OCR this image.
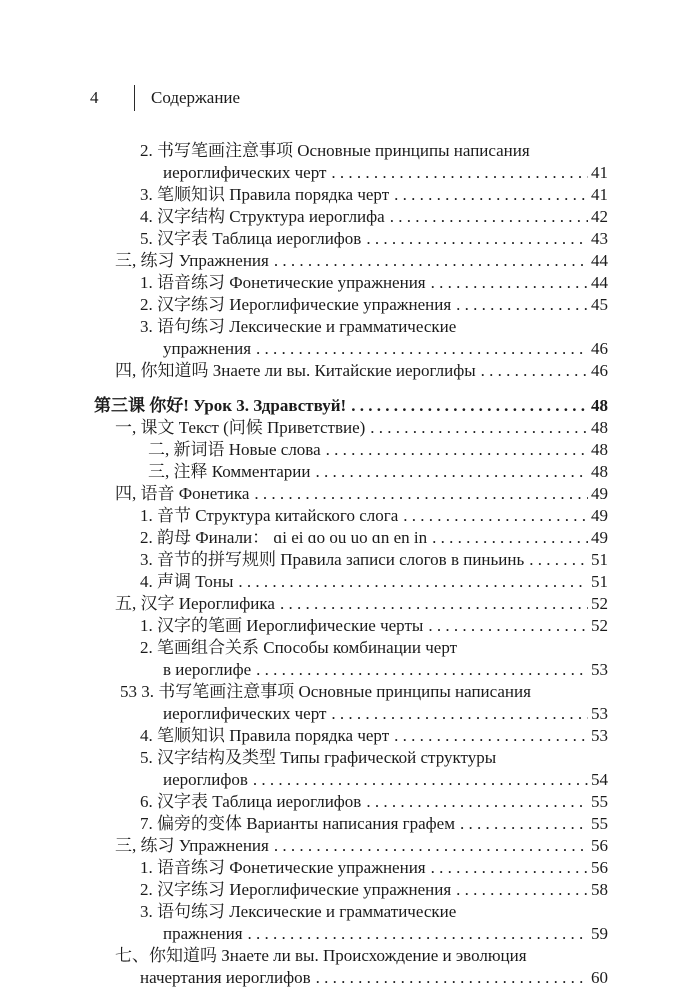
4	Содержание
2. 书写笔画注意事项 Основные принципы написания
иероглифических черт . . .	41
3. 笔顺知识 Правила порядка черт . . .	41
4. 汉字结构 Структура иероглифа . . .	42
5. 汉字表 Таблица иероглифов . . .	43
三, 练习 Упражнения . . .	44
1. 语音练习 Фонетические упражнения . . .	44
2. 汉字练习 Иероглифические упражнения . . .	45
3. 语句练习 Лексические и грамматические
упражнения . . .	46
四, 你知道吗 Знаете ли вы. Китайские иероглифы . . .	46
第三课 你好! Урок 3. Здравствуй! . . .	48
一, 课文 Текст (问候 Приветствие) . . .	48
二, 新词语 Новые слова . . .	48
三, 注释 Комментарии . . .	48
四, 语音 Фонетика . . .	49
1. 音节 Структура китайского слога . . .	49
2. 韵母 Финали： ɑi ei ɑo ou uo ɑn en in . . .	49
3. 音节的拼写规则 Правила записи слогов в пиньинь . . .	51
4. 声调 Тоны . . .	51
五, 汉字 Иероглифика . . .	52
1. 汉字的笔画 Иероглифические черты . . .	52
2. 笔画组合关系 Способы комбинации черт
в иероглифе . . .	53
53 3. 书写笔画注意事项 Основные принципы написания
иероглифических черт . . .	53
4. 笔顺知识 Правила порядка черт . . .	53
5. 汉字结构及类型 Типы графической структуры
иероглифов . . .	54
6. 汉字表 Таблица иероглифов . . .	55
7. 偏旁的变体 Варианты написания графем . . .	55
三, 练习 Упражнения . . .	56
1. 语音练习 Фонетические упражнения . . .	56
2. 汉字练习 Иероглифические упражнения . . .	58
3. 语句练习 Лексические и грамматические
пражнения . . .	59
七、你知道吗 Знаете ли вы. Происхождение и эволюция
начертания иероглифов . . .	60
